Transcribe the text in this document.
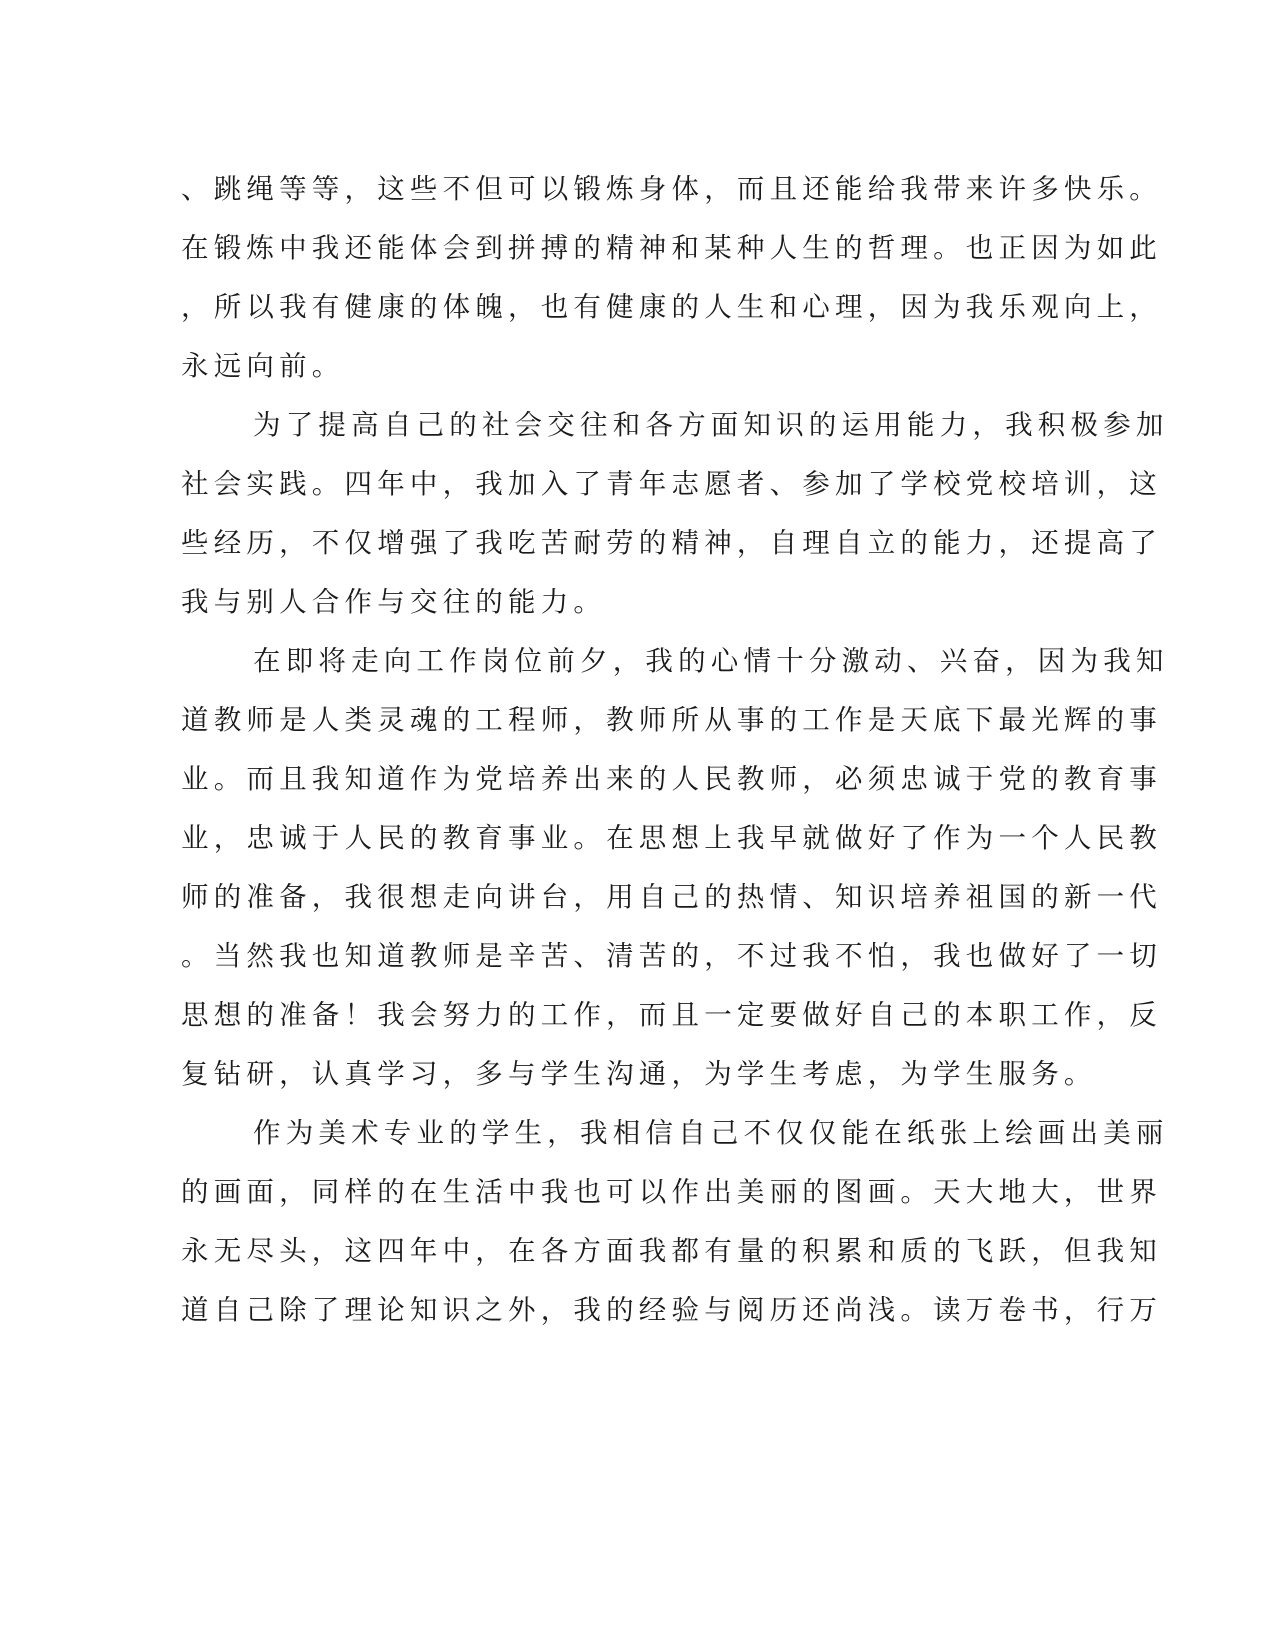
、跳绳等等，这些不但可以锻炼身体，而且还能给我带来许多快乐。
在锻炼中我还能体会到拼搏的精神和某种人生的哲理。也正因为如此
，所以我有健康的体魄，也有健康的人生和心理，因为我乐观向上，
永远向前。
为了提高自己的社会交往和各方面知识的运用能力，我积极参加
社会实践。四年中，我加入了青年志愿者、参加了学校党校培训，这
些经历，不仅增强了我吃苦耐劳的精神，自理自立的能力，还提高了
我与别人合作与交往的能力。
在即将走向工作岗位前夕，我的心情十分激动、兴奋，因为我知
道教师是人类灵魂的工程师，教师所从事的工作是天底下最光辉的事
业。而且我知道作为党培养出来的人民教师，必须忠诚于党的教育事
业，忠诚于人民的教育事业。在思想上我早就做好了作为一个人民教
师的准备，我很想走向讲台，用自己的热情、知识培养祖国的新一代
。当然我也知道教师是辛苦、清苦的，不过我不怕，我也做好了一切
思想的准备！我会努力的工作，而且一定要做好自己的本职工作，反
复钻研，认真学习，多与学生沟通，为学生考虑，为学生服务。
作为美术专业的学生，我相信自己不仅仅能在纸张上绘画出美丽
的画面，同样的在生活中我也可以作出美丽的图画。天大地大，世界
永无尽头，这四年中，在各方面我都有量的积累和质的飞跃，但我知
道自己除了理论知识之外，我的经验与阅历还尚浅。读万卷书，行万
